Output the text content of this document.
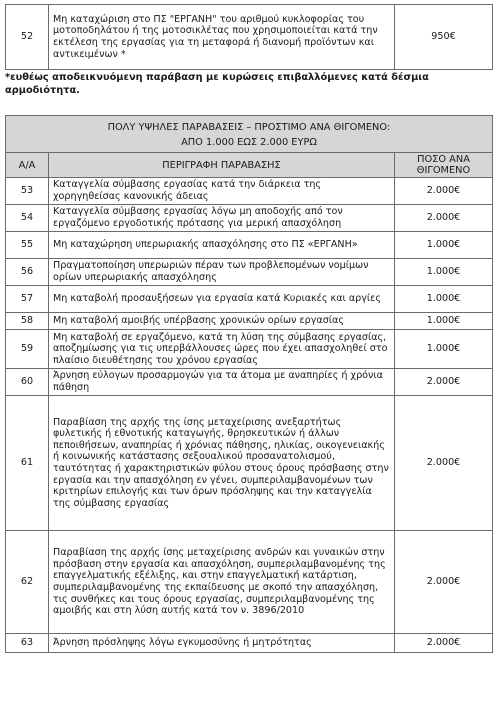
52	Μη καταχώριση στο ΠΣ "ΕΡΓΑΝΗ" του αριθμού κυκλοφορίας του μοτοποδηλάτου ή της μοτοσικλέτας που χρησιμοποιείται κατά την εκτέλεση της εργασίας για τη μεταφορά ή διανομή προϊόντων και αντικειμένων *	950€
*ευθέως αποδεικνυόμενη παράβαση με κυρώσεις επιβαλλόμενες κατά δέσμια αρμοδιότητα.
ΠΟΛΥ ΥΨΗΛΕΣ ΠΑΡΑΒΑΣΕΙΣ – ΠΡΟΣΤΙΜΟ ΑΝΑ ΘΙΓΟΜΕΝΟ:
ΑΠΟ 1.000 ΕΩΣ 2.000 ΕΥΡΩ		

Α/Α	ΠΕΡΙΓΡΑΦΗ ΠΑΡΑΒΑΣΗΣ	ΠΟΣΟ ΑΝΑ ΘΙΓΟΜΕΝΟ
53	Καταγγελία σύμβασης εργασίας κατά την διάρκεια της χορηγηθείσας κανονικής άδειας	2.000€
54	Καταγγελία σύμβασης εργασίας λόγω μη αποδοχής από τον εργαζόμενο εργοδοτικής πρότασης για μερική απασχόληση	2.000€
55	Μη καταχώρηση υπερωριακής απασχόλησης στο ΠΣ «ΕΡΓΑΝΗ»	1.000€
56	Πραγματοποίηση υπερωριών πέραν των προβλεπομένων νομίμων ορίων υπερωριακής απασχόλησης	1.000€
57	Μη καταβολή προσαυξήσεων για εργασία κατά Κυριακές και αργίες	1.000€
58	Μη καταβολή αμοιβής υπέρβασης χρονικών ορίων εργασίας	1.000€
59	Μη καταβολή σε εργαζόμενο, κατά τη λύση της σύμβασης εργασίας, αποζημίωσης για τις υπερβάλλουσες ώρες που έχει απασχοληθεί στο πλαίσιο διευθέτησης του χρόνου εργασίας	1.000€
60	Άρνηση εύλογων προσαρμογών για τα άτομα με αναπηρίες ή χρόνια πάθηση	2.000€
61	Παραβίαση της αρχής της ίσης μεταχείρισης ανεξαρτήτως φυλετικής ή εθνοτικής καταγωγής, θρησκευτικών ή άλλων πεποιθήσεων, αναπηρίας ή χρόνιας πάθησης, ηλικίας, οικογενειακής ή κοινωνικής κατάστασης σεξουαλικού προσανατολισμού, ταυτότητας ή χαρακτηριστικών φύλου στους όρους πρόσβασης στην εργασία και την απασχόληση εν γένει, συμπεριλαμβανομένων των κριτηρίων επιλογής και των όρων πρόσληψης και την καταγγελία της σύμβασης εργασίας	2.000€
62	Παραβίαση της αρχής ίσης μεταχείρισης ανδρών και γυναικών στην πρόσβαση στην εργασία και απασχόληση, συμπεριλαμβανομένης της επαγγελματικής εξέλιξης, και στην επαγγελματική κατάρτιση, συμπεριλαμβανομένης της εκπαίδευσης με σκοπό την απασχόληση, τις συνθήκες και τους όρους εργασίας, συμπεριλαμβανομένης της αμοιβής και στη λύση αυτής κατά τον ν. 3896/2010	2.000€
63	Άρνηση πρόσληψης λόγω εγκυμοσύνης ή μητρότητας	2.000€
